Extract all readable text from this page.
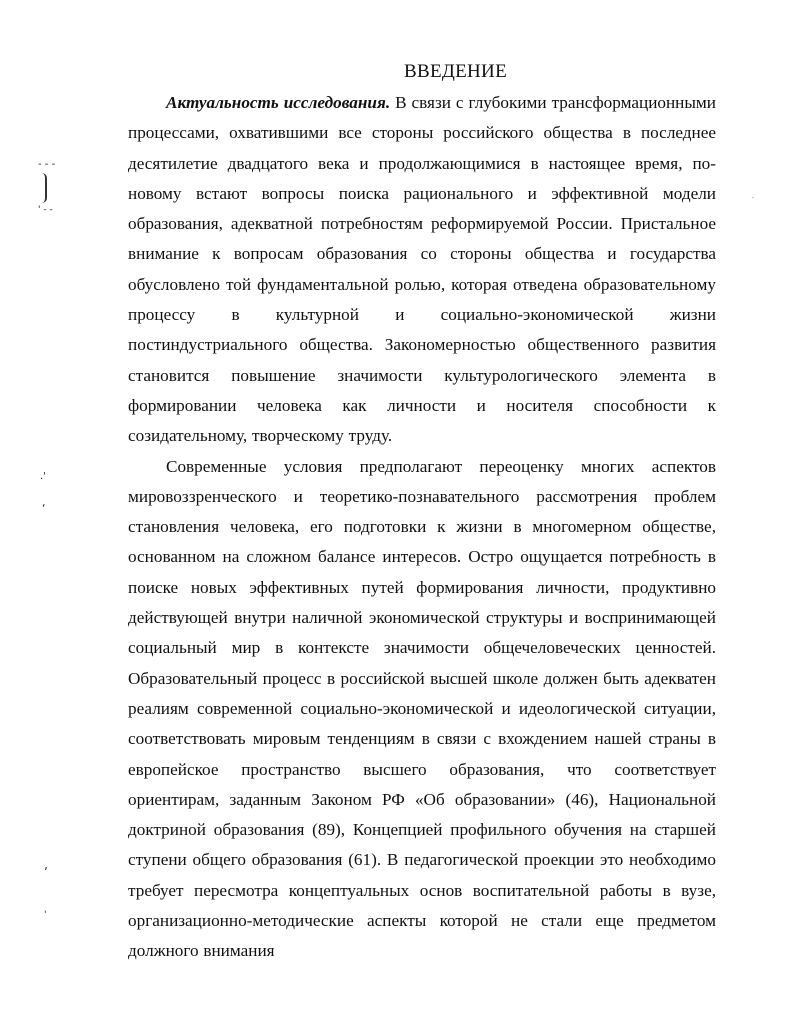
ВВЕДЕНИЕ

Актуальность исследования. В связи с глубокими трансформационными процессами, охватившими все стороны российского общества в последнее десятилетие двадцатого века и продолжающимися в настоящее время, по-новому встают вопросы поиска рационального и эффективной модели образования, адекватной потребностям реформируемой России. Пристальное внимание к вопросам образования со стороны общества и государства обусловлено той фундаментальной ролью, которая отведена образовательному процессу в культурной и социально-экономической жизни постиндустриального общества. Закономерностью общественного развития становится повышение значимости культурологического элемента в формировании человека как личности и носителя способности к созидательному, творческому труду.

Современные условия предполагают переоценку многих аспектов мировоззренческого и теоретико-познавательного рассмотрения проблем становления человека, его подготовки к жизни в многомерном обществе, основанном на сложном балансе интересов. Остро ощущается потребность в поиске новых эффективных путей формирования личности, продуктивно действующей внутри наличной экономической структуры и воспринимающей социальный мир в контексте значимости общечеловеческих ценностей. Образовательный процесс в российской высшей школе должен быть адекватен реалиям современной социально-экономической и идеологической ситуации, соответствовать мировым тенденциям в связи с вхождением нашей страны в европейское пространство высшего образования, что соответствует ориентирам, заданным Законом РФ «Об образовании» (46), Национальной доктриной образования (89), Концепцией профильного обучения на старшей ступени общего образования (61). В педагогической проекции это необходимо требует пересмотра концептуальных основ воспитательной работы в вузе, организационно-методические аспекты которой не стали еще предметом должного внимания

- - -
' - -
.'
‘
ʼ
'
·
